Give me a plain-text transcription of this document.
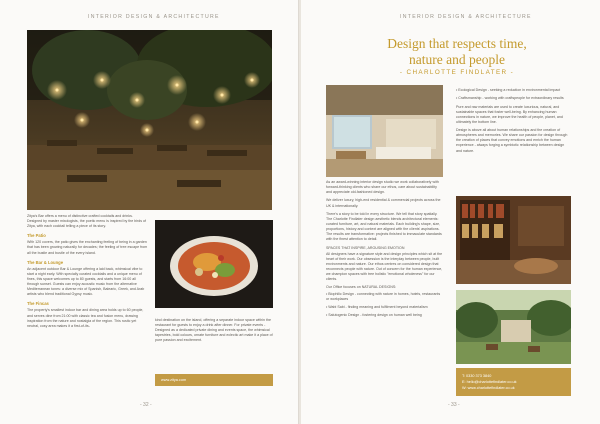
INTERIOR DESIGN & ARCHITECTURE

Zitya's Bar offers a menu of distinctive crafted cocktails and drinks. Designed by master mixologists, the poetic menu is inspired by the birds of Zitya, with each cocktail telling a piece of its story.

The Patio

With 120 covers, the patio gives the enchanting feeling of being in a garden that has been growing naturally for decades; the feeling of tree escape from all the bustle and bustle of the every island.

The Bar & Lounge

An adjacent outdoor Bar & Lounge offering a laid back, whimsical vibe to start a night early. With specially curated cocktails and a unique menu of fines, this space welcomes up to 80 guests, and starts from 16:00 all through sunset. Guests can enjoy acoustic music from the alternative Mediterranean tones: a diverse mix of Spanish, Balearic, Greek, and Arab artists who blend traditional Gypsy music.

The Fincas

The property's smallest indoor bar and dining area holds up to 60 people, and serves dine from 21:00 with classic tea and fusion menu, drawing inspiration from the nature and nostalgia of the region. This rustic yet neutral, cosy area makes it a first-of-its-

kind destination on the island, offering a separate indoor space within the restaurant for guests to enjoy a drink after dinner. For private events - Designed as a dedicated private dining and events space, the whimsical tapestries, bold colours, ornate furniture and eclectic art make it a place of pure passion and excitement.

www.zitya.com
- 32 -
INTERIOR DESIGN & ARCHITECTURE
Design that respects time,
nature and people
- CHARLOTTE FINDLATER -

• Ecological Design - seeking a reduction in environmental impact

• Craftsmanship - working with craftspeople for extraordinary results

Pure and raw materials are used to create luxurious, natural, and sustainable spaces that foster well-being. By enhancing human connections in nature, we improve the health of people, planet, and ultimately the bottom line.

Design is above all about human relationships and the creation of atmospheres and memories. We share our passion for design through the creation of places that convey emotions and enrich the human experience - always forging a symbiotic relationship between design and nature.

As an award-winning interior design studio we work collaboratively with forward-thinking clients who share our ethos, care about sustainability and appreciate old-fashioned design.

We deliver luxury, high-end residential & commercial projects across the UK & internationally.

There's a story to be told in every structure. We tell that story spatially. The Charlotte Findlater design aesthetic blends architectural elements: curated furniture, art, and natural materials. Each building's shape, size, proportions, history and context are aligned with the clients' aspirations. The results are transformative: projects finished to immaculate standards with the finest attention to detail.

SPACES THAT INSPIRE, AROUSING EMOTION

All designers have a signature style and design principles which sit at the heart of their work. Our obsession is the interplay between people, built environments and nature. Our ethos centres on considered design that reconnects people with nature. Out of concern for the human experience, we champion spaces with tree holistic "emotional wholeness" for our clients.

Our Office focuses on NATURAL DESIGNS:

• Biophilic Design - connecting with nature in homes, hotels, restaurants or workplaces

• Wabi Sabi - finding meaning and fulfilment beyond materialism

• Salutogenic Design - fostering design on human well being

T: 0330 373 3840
E: hello@charlottefindlater.co.uk
W: www.charlottefindlater.co.uk
- 33 -
